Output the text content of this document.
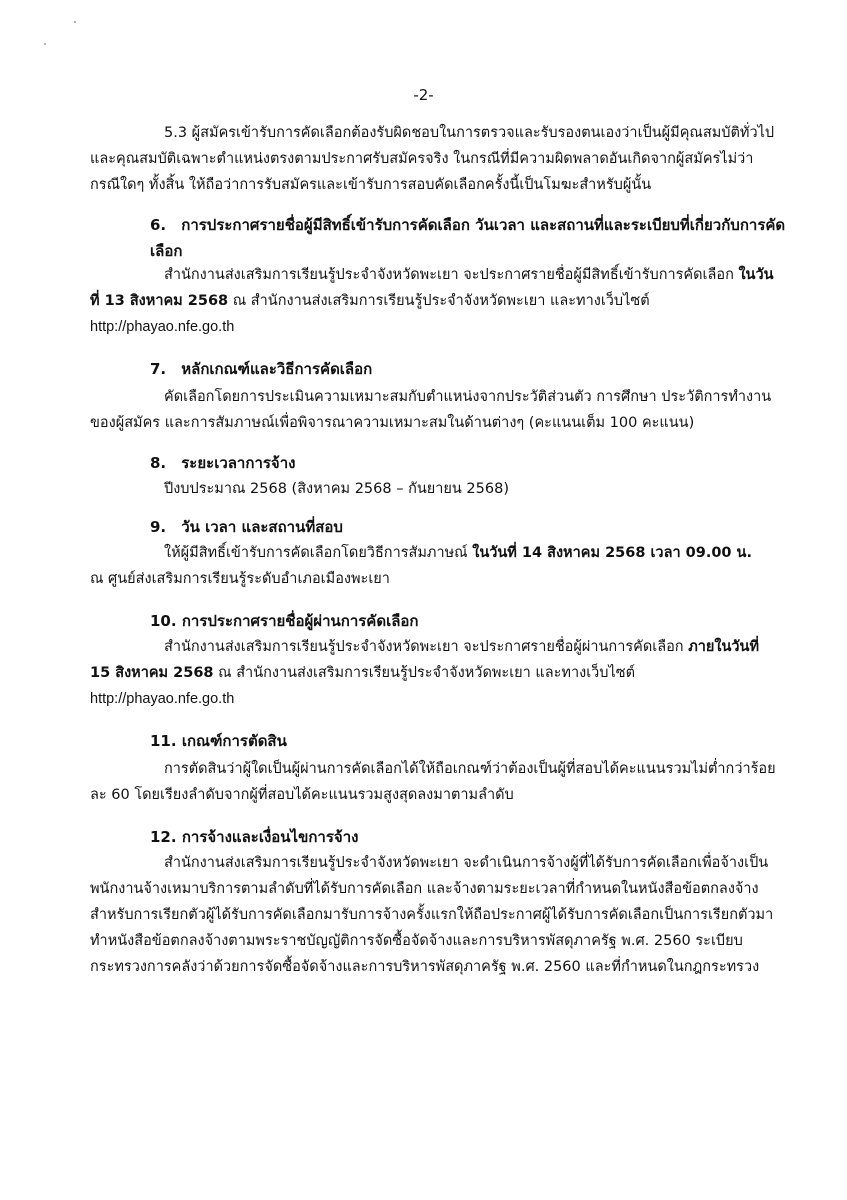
-2-

5.3 ผู้สมัครเข้ารับการคัดเลือกต้องรับผิดชอบในการตรวจและรับรองตนเองว่าเป็นผู้มีคุณสมบัติทั่วไป และคุณสมบัติเฉพาะตำแหน่งตรงตามประกาศรับสมัครจริง ในกรณีที่มีความผิดพลาดอันเกิดจากผู้สมัครไม่ว่ากรณีใดๆ ทั้งสิ้น ให้ถือว่าการรับสมัครและเข้ารับการสอบคัดเลือกครั้งนี้เป็นโมฆะสำหรับผู้นั้น

6. การประกาศรายชื่อผู้มีสิทธิ์เข้ารับการคัดเลือก วันเวลา และสถานที่และระเบียบที่เกี่ยวกับการคัดเลือก

สำนักงานส่งเสริมการเรียนรู้ประจำจังหวัดพะเยา จะประกาศรายชื่อผู้มีสิทธิ์เข้ารับการคัดเลือก ในวันที่ 13 สิงหาคม 2568 ณ สำนักงานส่งเสริมการเรียนรู้ประจำจังหวัดพะเยา และทางเว็บไซต์

http://phayao.nfe.go.th

7. หลักเกณฑ์และวิธีการคัดเลือก

คัดเลือกโดยการประเมินความเหมาะสมกับตำแหน่งจากประวัติส่วนตัว การศึกษา ประวัติการทำงานของผู้สมัคร และการสัมภาษณ์เพื่อพิจารณาความเหมาะสมในด้านต่างๆ (คะแนนเต็ม 100 คะแนน)

8. ระยะเวลาการจ้าง

ปีงบประมาณ 2568 (สิงหาคม 2568 – กันยายน 2568)

9. วัน เวลา และสถานที่สอบ

ให้ผู้มีสิทธิ์เข้ารับการคัดเลือกโดยวิธีการสัมภาษณ์ ในวันที่ 14 สิงหาคม 2568 เวลา 09.00 น.

ณ ศูนย์ส่งเสริมการเรียนรู้ระดับอำเภอเมืองพะเยา

10. การประกาศรายชื่อผู้ผ่านการคัดเลือก

สำนักงานส่งเสริมการเรียนรู้ประจำจังหวัดพะเยา จะประกาศรายชื่อผู้ผ่านการคัดเลือก ภายในวันที่ 15 สิงหาคม 2568 ณ สำนักงานส่งเสริมการเรียนรู้ประจำจังหวัดพะเยา และทางเว็บไซต์

http://phayao.nfe.go.th

11. เกณฑ์การตัดสิน

การตัดสินว่าผู้ใดเป็นผู้ผ่านการคัดเลือกได้ให้ถือเกณฑ์ว่าต้องเป็นผู้ที่สอบได้คะแนนรวมไม่ต่ำกว่าร้อยละ 60 โดยเรียงลำดับจากผู้ที่สอบได้คะแนนรวมสูงสุดลงมาตามลำดับ

12. การจ้างและเงื่อนไขการจ้าง

สำนักงานส่งเสริมการเรียนรู้ประจำจังหวัดพะเยา จะดำเนินการจ้างผู้ที่ได้รับการคัดเลือกเพื่อจ้างเป็นพนักงานจ้างเหมาบริการตามลำดับที่ได้รับการคัดเลือก และจ้างตามระยะเวลาที่กำหนดในหนังสือข้อตกลงจ้างสำหรับการเรียกตัวผู้ได้รับการคัดเลือกมารับการจ้างครั้งแรกให้ถือประกาศผู้ได้รับการคัดเลือกเป็นการเรียกตัวมาทำหนังสือข้อตกลงจ้างตามพระราชบัญญัติการจัดซื้อจัดจ้างและการบริหารพัสดุภาครัฐ พ.ศ. 2560 ระเบียบกระทรวงการคลังว่าด้วยการจัดซื้อจัดจ้างและการบริหารพัสดุภาครัฐ พ.ศ. 2560 และที่กำหนดในกฎกระทรวง
